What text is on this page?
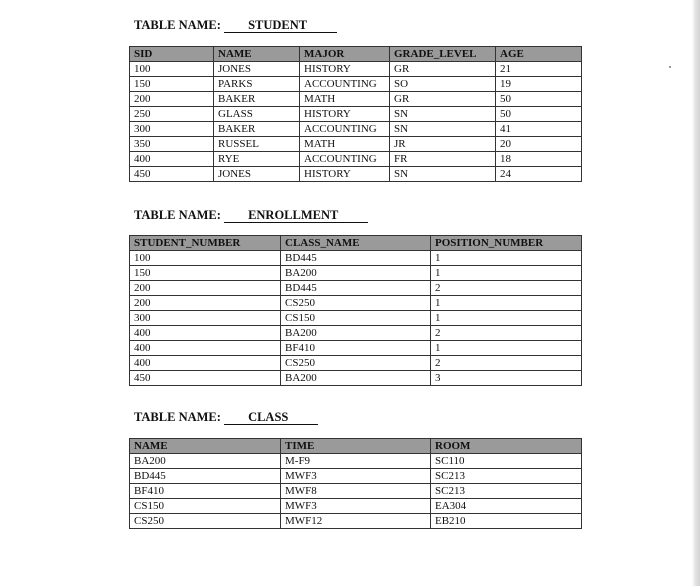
TABLE NAME: STUDENT
SID	NAME	MAJOR	GRADE_LEVEL	AGE
100	JONES	HISTORY	GR	21
150	PARKS	ACCOUNTING	SO	19
200	BAKER	MATH	GR	50
250	GLASS	HISTORY	SN	50
300	BAKER	ACCOUNTING	SN	41
350	RUSSEL	MATH	JR	20
400	RYE	ACCOUNTING	FR	18
450	JONES	HISTORY	SN	24
TABLE NAME: ENROLLMENT
STUDENT_NUMBER	CLASS_NAME	POSITION_NUMBER
100	BD445	1
150	BA200	1
200	BD445	2
200	CS250	1
300	CS150	1
400	BA200	2
400	BF410	1
400	CS250	2
450	BA200	3
TABLE NAME: CLASS
NAME	TIME	ROOM
BA200	M-F9	SC110
BD445	MWF3	SC213
BF410	MWF8	SC213
CS150	MWF3	EA304
CS250	MWF12	EB210
